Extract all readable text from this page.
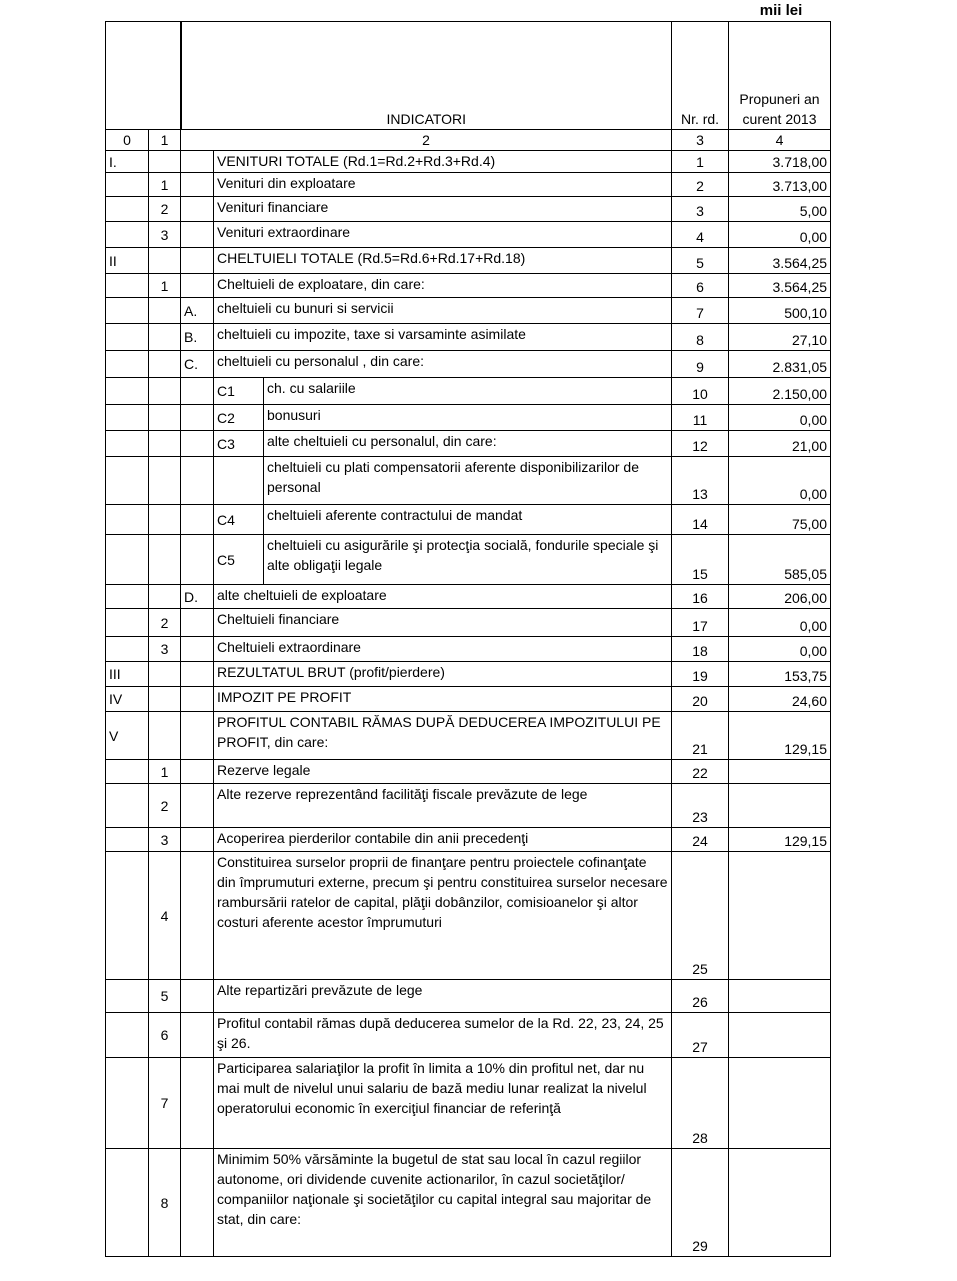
mii lei
		INDICATORI			Nr. rd.	Propuneri an curent 2013
0	1	2			3	4
I.			VENITURI TOTALE (Rd.1=Rd.2+Rd.3+Rd.4)		1	3.718,00
	1		Venituri din exploatare		2	3.713,00
	2		Venituri financiare		3	5,00
	3		Venituri extraordinare		4	0,00
II			CHELTUIELI TOTALE (Rd.5=Rd.6+Rd.17+Rd.18)		5	3.564,25
	1		Cheltuieli de exploatare, din care:		6	3.564,25
		A.	cheltuieli cu bunuri si servicii		7	500,10
		B.	cheltuieli cu impozite, taxe si varsaminte asimilate		8	27,10
		C.	cheltuieli cu personalul , din care:		9	2.831,05
			C1	ch. cu salariile	10	2.150,00
			C2	bonusuri	11	0,00
			C3	alte cheltuieli cu personalul, din care:	12	21,00
				cheltuieli cu plati compensatorii aferente disponibilizarilor de personal	13	0,00
			C4	cheltuieli aferente contractului de mandat	14	75,00
			C5	cheltuieli cu asigurările şi protecţia socială, fondurile speciale şi alte obligaţii legale	15	585,05
		D.	alte cheltuieli de exploatare		16	206,00
	2		Cheltuieli financiare		17	0,00
	3		Cheltuieli extraordinare		18	0,00
III			REZULTATUL BRUT (profit/pierdere)		19	153,75
IV			IMPOZIT PE PROFIT		20	24,60
V			PROFITUL CONTABIL RĂMAS DUPĂ DEDUCEREA IMPOZITULUI PE PROFIT, din care:		21	129,15
	1		Rezerve legale		22	
	2		Alte rezerve reprezentând facilităţi fiscale prevăzute de lege		23	
	3		Acoperirea pierderilor contabile din anii precedenţi		24	129,15
	4		Constituirea surselor proprii de finanţare pentru proiectele cofinanţate din împrumuturi externe, precum şi pentru constituirea surselor necesare rambursării ratelor de capital, plăţii dobânzilor, comisioanelor şi altor costuri aferente acestor împrumuturi		25	
	5		Alte repartizări prevăzute de lege		26	
	6		Profitul contabil rămas după deducerea sumelor de la Rd. 22, 23, 24, 25 şi 26.		27	
	7		Participarea salariaţilor la profit în limita a 10% din profitul net, dar nu mai mult de nivelul unui salariu de bază mediu lunar realizat la nivelul operatorului economic în exerciţiul financiar de referinţă		28	
	8		Minimim 50% vărsăminte la bugetul de stat sau local în cazul regiilor autonome, ori dividende cuvenite actionarilor, în cazul societăţilor/ companiilor naţionale şi societăţilor cu capital integral sau majoritar de stat, din care:		29	
